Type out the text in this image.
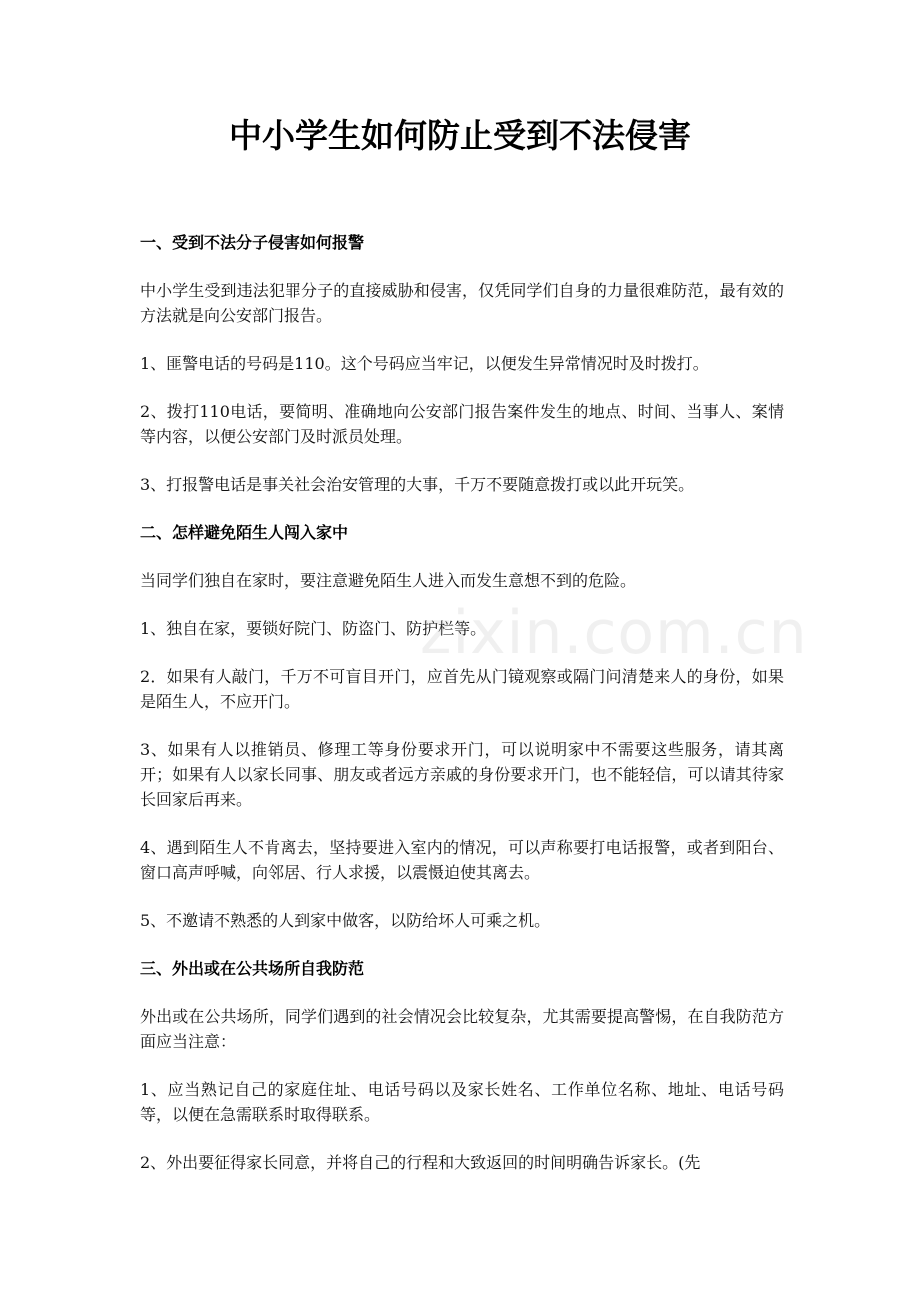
中小学生如何防止受到不法侵害

一、受到不法分子侵害如何报警

中小学生受到违法犯罪分子的直接威胁和侵害，仅凭同学们自身的力量很难防范，最有效的方法就是向公安部门报告。

1、匪警电话的号码是110。这个号码应当牢记，以便发生异常情况时及时拨打。

2、拨打110电话，要简明、准确地向公安部门报告案件发生的地点、时间、当事人、案情等内容，以便公安部门及时派员处理。

3、打报警电话是事关社会治安管理的大事，千万不要随意拨打或以此开玩笑。

二、怎样避免陌生人闯入家中

当同学们独自在家时，要注意避免陌生人进入而发生意想不到的危险。

1、独自在家，要锁好院门、防盗门、防护栏等。

2．如果有人敲门，千万不可盲目开门，应首先从门镜观察或隔门问清楚来人的身份，如果是陌生人，不应开门。

3、如果有人以推销员、修理工等身份要求开门，可以说明家中不需要这些服务，请其离开；如果有人以家长同事、朋友或者远方亲戚的身份要求开门，也不能轻信，可以请其待家长回家后再来。

4、遇到陌生人不肯离去，坚持要进入室内的情况，可以声称要打电话报警，或者到阳台、窗口高声呼喊，向邻居、行人求援，以震慑迫使其离去。

5、不邀请不熟悉的人到家中做客，以防给坏人可乘之机。

三、外出或在公共场所自我防范

外出或在公共场所，同学们遇到的社会情况会比较复杂，尤其需要提高警惕，在自我防范方面应当注意：

1、应当熟记自己的家庭住址、电话号码以及家长姓名、工作单位名称、地址、电话号码等，以便在急需联系时取得联系。

2、外出要征得家长同意，并将自己的行程和大致返回的时间明确告诉家长。(先

zixin.com.cn
